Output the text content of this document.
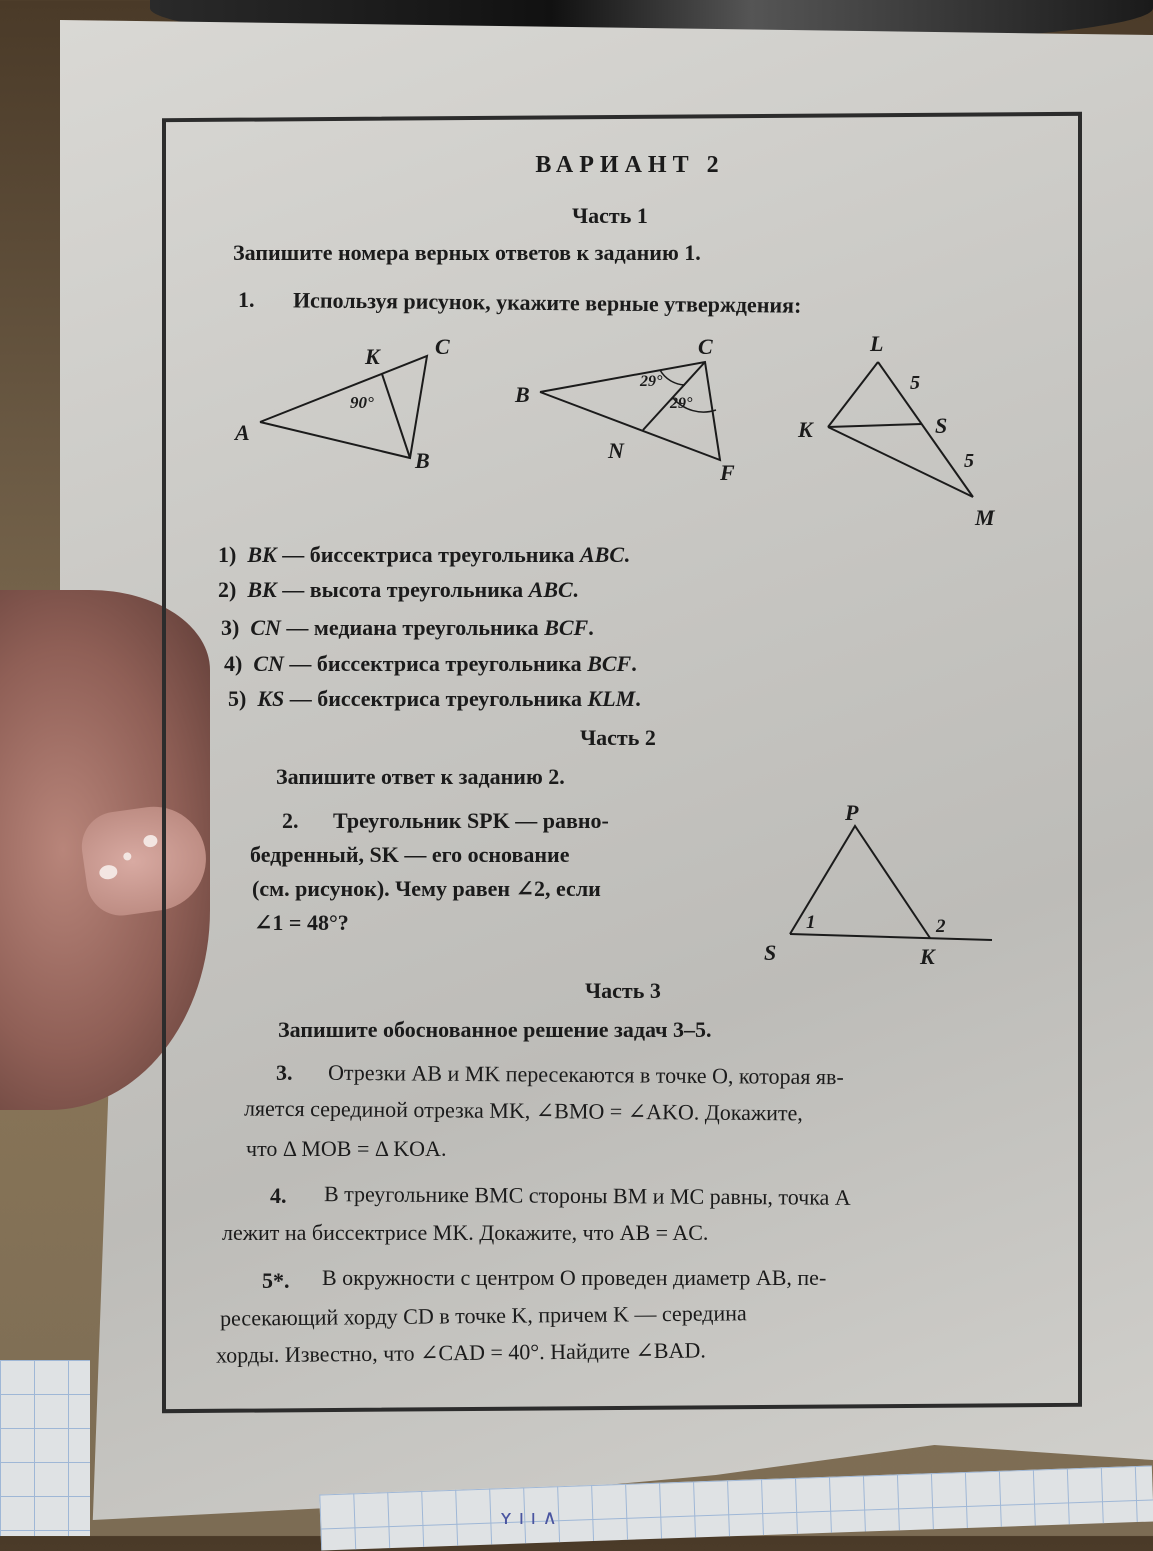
ВАРИАНТ 2
Часть 1
Запишите номера верных ответов к заданию 1.
1. Используя рисунок, укажите верные утверждения:
A
B
C
K
90°	B
C
F
N
29°
29°
L
K	S
M
5
5
1) BK — биссектриса треугольника ABC.
2) BK — высота треугольника ABC.
3) CN — медиана треугольника BCF.
4) CN — биссектриса треугольника BCF.
5) KS — биссектриса треугольника KLM.
Часть 2
Запишите ответ к заданию 2.
2. Треугольник SPK — равно-
бедренный, SK — его основание
(см. рисунок). Чему равен ∠2, если
∠1 = 48°?
P
S	K
1	2
Часть 3
Запишите обоснованное решение задач 3–5.
3. Отрезки AB и MK пересекаются в точке O, которая яв-
ляется серединой отрезка MK, ∠BMO = ∠AKO. Докажите,
что Δ MOB = Δ KOA.
4. В треугольнике BMC стороны BM и MC равны, точка A
лежит на биссектрисе MK. Докажите, что AB = AC.
5*. В окружности с центром O проведен диаметр AB, пе-
ресекающий хорду CD в точке K, причем K — середина
хорды. Известно, что ∠CAD = 40°. Найдите ∠BAD.
ʏ ı ı ∧
